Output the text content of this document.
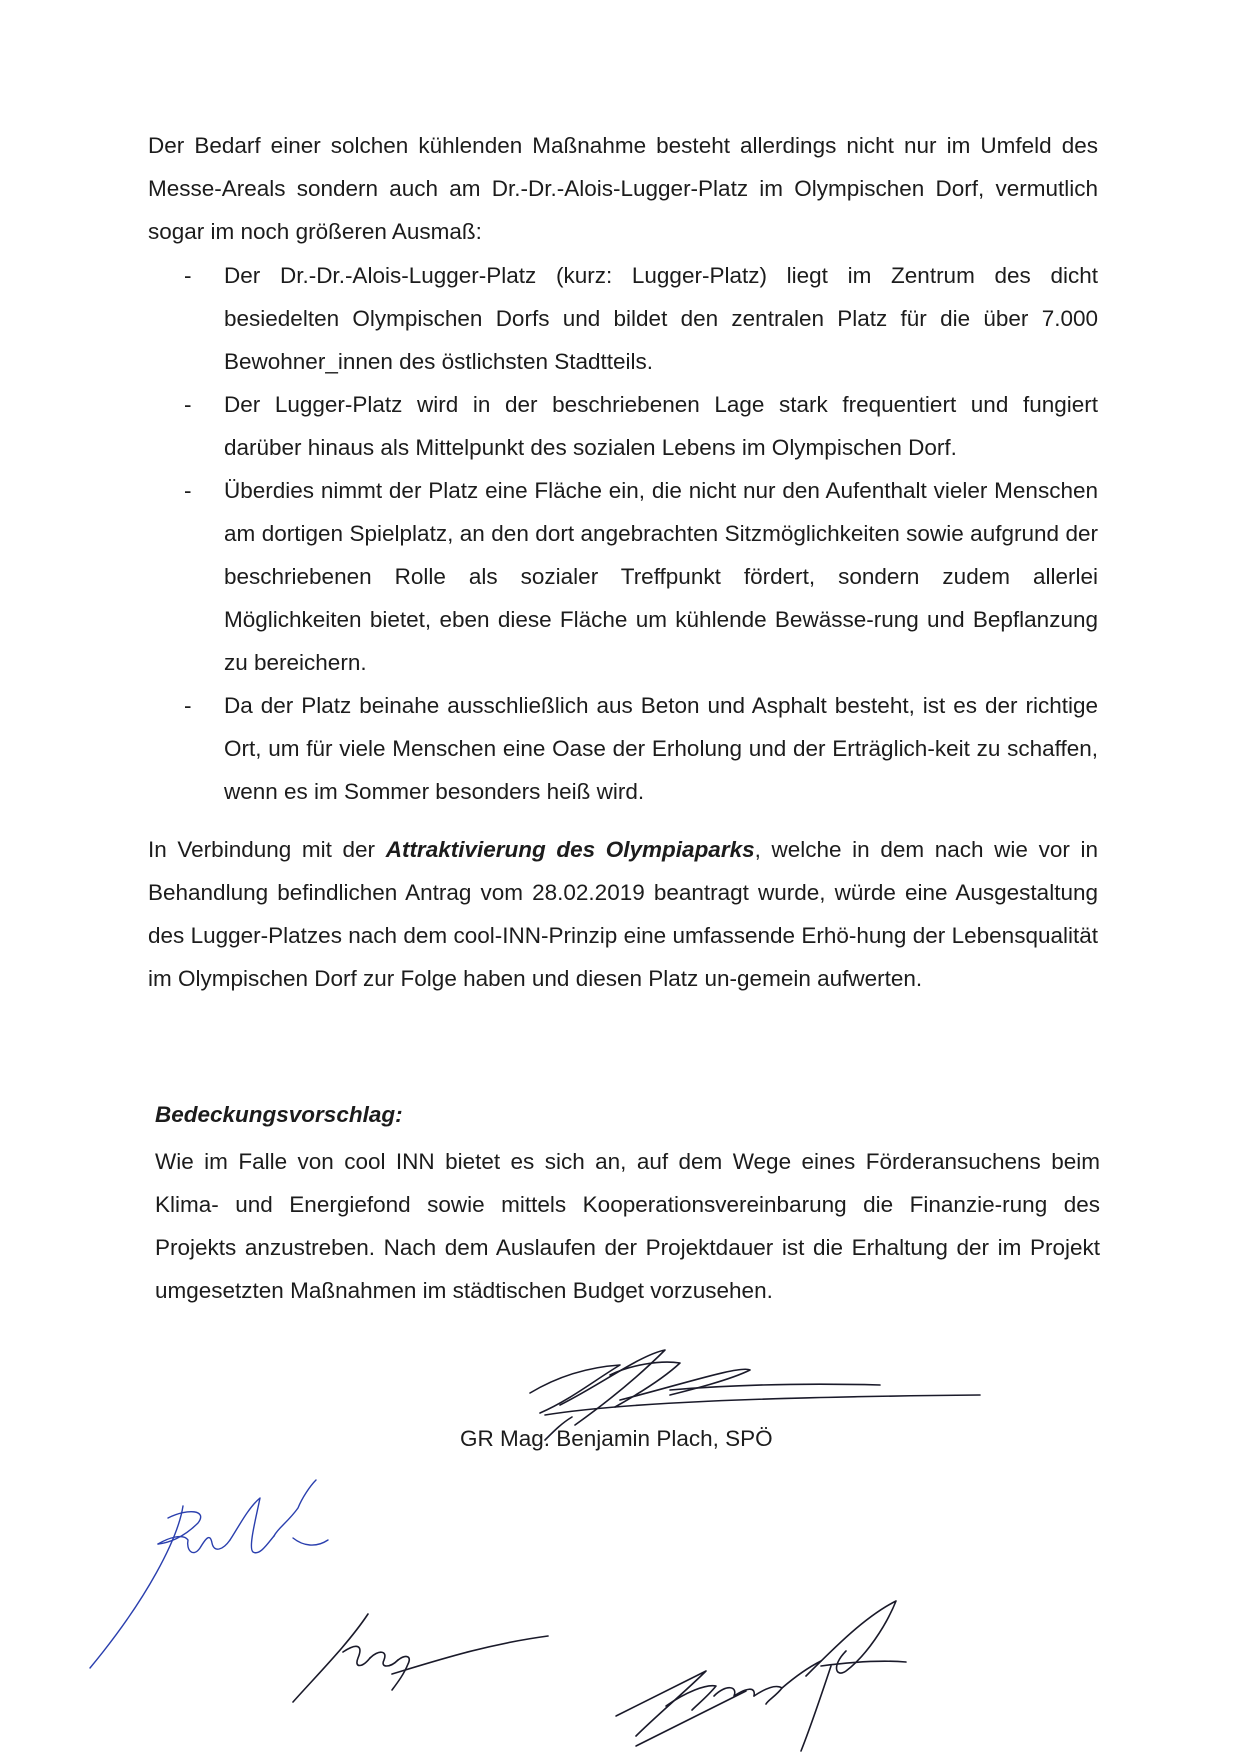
Der Bedarf einer solchen kühlenden Maßnahme besteht allerdings nicht nur im Umfeld des Messe-Areals sondern auch am Dr.-Dr.-Alois-Lugger-Platz im Olympischen Dorf, vermutlich sogar im noch größeren Ausmaß:

- Der Dr.-Dr.-Alois-Lugger-Platz (kurz: Lugger-Platz) liegt im Zentrum des dicht besiedelten Olympischen Dorfs und bildet den zentralen Platz für die über 7.000 Bewohner_innen des östlichsten Stadtteils.
- Der Lugger-Platz wird in der beschriebenen Lage stark frequentiert und fungiert darüber hinaus als Mittelpunkt des sozialen Lebens im Olympischen Dorf.
- Überdies nimmt der Platz eine Fläche ein, die nicht nur den Aufenthalt vieler Menschen am dortigen Spielplatz, an den dort angebrachten Sitzmöglichkeiten sowie aufgrund der beschriebenen Rolle als sozialer Treffpunkt fördert, sondern zudem allerlei Möglichkeiten bietet, eben diese Fläche um kühlende Bewässe-rung und Bepflanzung zu bereichern.
- Da der Platz beinahe ausschließlich aus Beton und Asphalt besteht, ist es der richtige Ort, um für viele Menschen eine Oase der Erholung und der Erträglich-keit zu schaffen, wenn es im Sommer besonders heiß wird.

In Verbindung mit der Attraktivierung des Olympiaparks, welche in dem nach wie vor in Behandlung befindlichen Antrag vom 28.02.2019 beantragt wurde, würde eine Ausgestaltung des Lugger-Platzes nach dem cool-INN-Prinzip eine umfassende Erhö-hung der Lebensqualität im Olympischen Dorf zur Folge haben und diesen Platz un-gemein aufwerten.

Bedeckungsvorschlag:

Wie im Falle von cool INN bietet es sich an, auf dem Wege eines Förderansuchens beim Klima- und Energiefond sowie mittels Kooperationsvereinbarung die Finanzie-rung des Projekts anzustreben. Nach dem Auslaufen der Projektdauer ist die Erhaltung der im Projekt umgesetzten Maßnahmen im städtischen Budget vorzusehen.

GR Mag. Benjamin Plach, SPÖ
